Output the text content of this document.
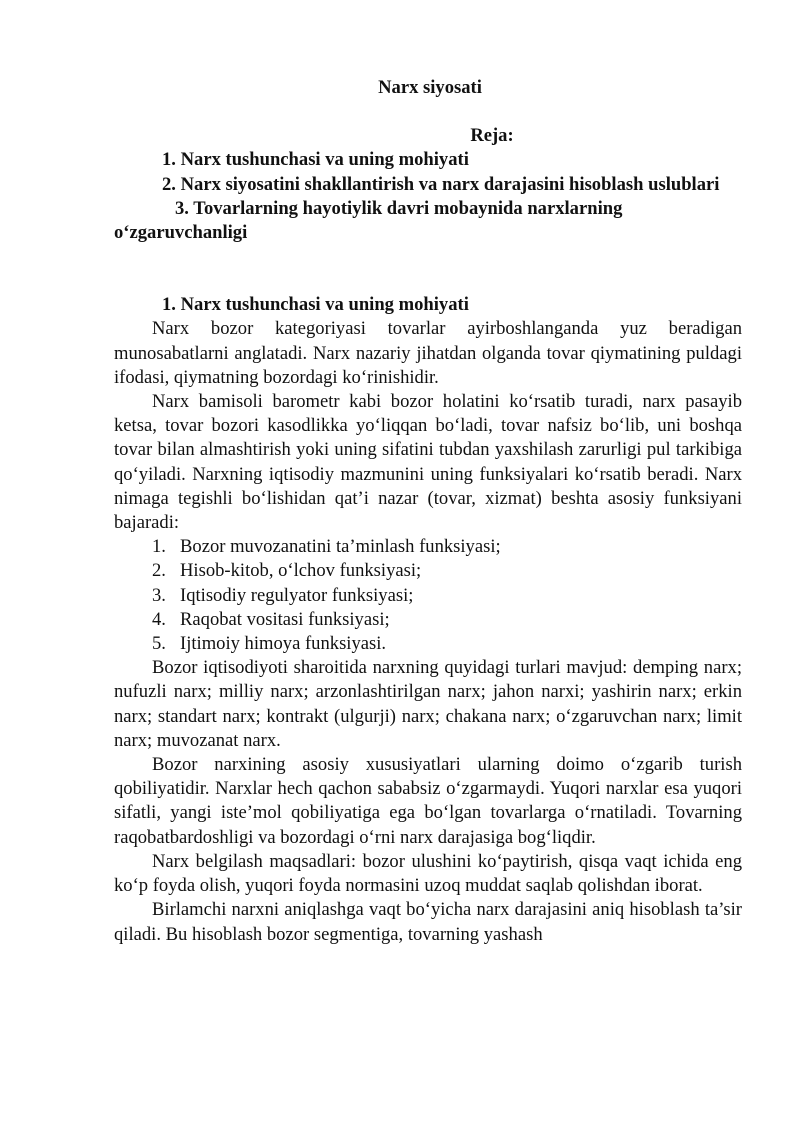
Narx siyosati
Reja:
1. Narx tushunchasi va uning mohiyati
2. Narx siyosatini shakllantirish va narx darajasini hisoblash uslublari
3. Tovarlarning hayotiylik davri mobaynida narxlarning o‘zgaruvchanligi
1. Narx tushunchasi va uning mohiyati

Narx bozor kategoriyasi tovarlar ayirboshlanganda yuz beradigan munosabatlarni anglatadi. Narx nazariy jihatdan olganda tovar qiymatining puldagi ifodasi, qiymatning bozordagi ko‘rinishidir.

Narx bamisoli barometr kabi bozor holatini ko‘rsatib turadi, narx pasayib ketsa, tovar bozori kasodlikka yo‘liqqan bo‘ladi, tovar nafsiz bo‘lib, uni boshqa tovar bilan almashtirish yoki uning sifatini tubdan yaxshilash zarurligi pul tarkibiga qo‘yiladi. Narxning iqtisodiy mazmunini uning funksiyalari ko‘rsatib beradi. Narx nimaga tegishli bo‘lishidan qat’i nazar (tovar, xizmat) beshta asosiy funksiyani bajaradi:

1. Bozor muvozanatini ta’minlash funksiyasi;
2. Hisob-kitob, o‘lchov funksiyasi;
3. Iqtisodiy regulyator funksiyasi;
4. Raqobat vositasi funksiyasi;
5. Ijtimoiy himoya funksiyasi.

Bozor iqtisodiyoti sharoitida narxning quyidagi turlari mavjud: demping narx; nufuzli narx; milliy narx; arzonlashtirilgan narx; jahon narxi; yashirin narx; erkin narx; standart narx; kontrakt (ulgurji) narx; chakana narx; o‘zgaruvchan narx; limit narx; muvozanat narx.

Bozor narxining asosiy xususiyatlari ularning doimo o‘zgarib turish qobiliyatidir. Narxlar hech qachon sababsiz o‘zgarmaydi. Yuqori narxlar esa yuqori sifatli, yangi iste’mol qobiliyatiga ega bo‘lgan tovarlarga o‘rnatiladi. Tovarning raqobatbardoshligi va bozordagi o‘rni narx darajasiga bog‘liqdir.

Narx belgilash maqsadlari: bozor ulushini ko‘paytirish, qisqa vaqt ichida eng ko‘p foyda olish, yuqori foyda normasini uzoq muddat saqlab qolishdan iborat.

Birlamchi narxni aniqlashga vaqt bo‘yicha narx darajasini aniq hisoblash ta’sir qiladi. Bu hisoblash bozor segmentiga, tovarning yashash
